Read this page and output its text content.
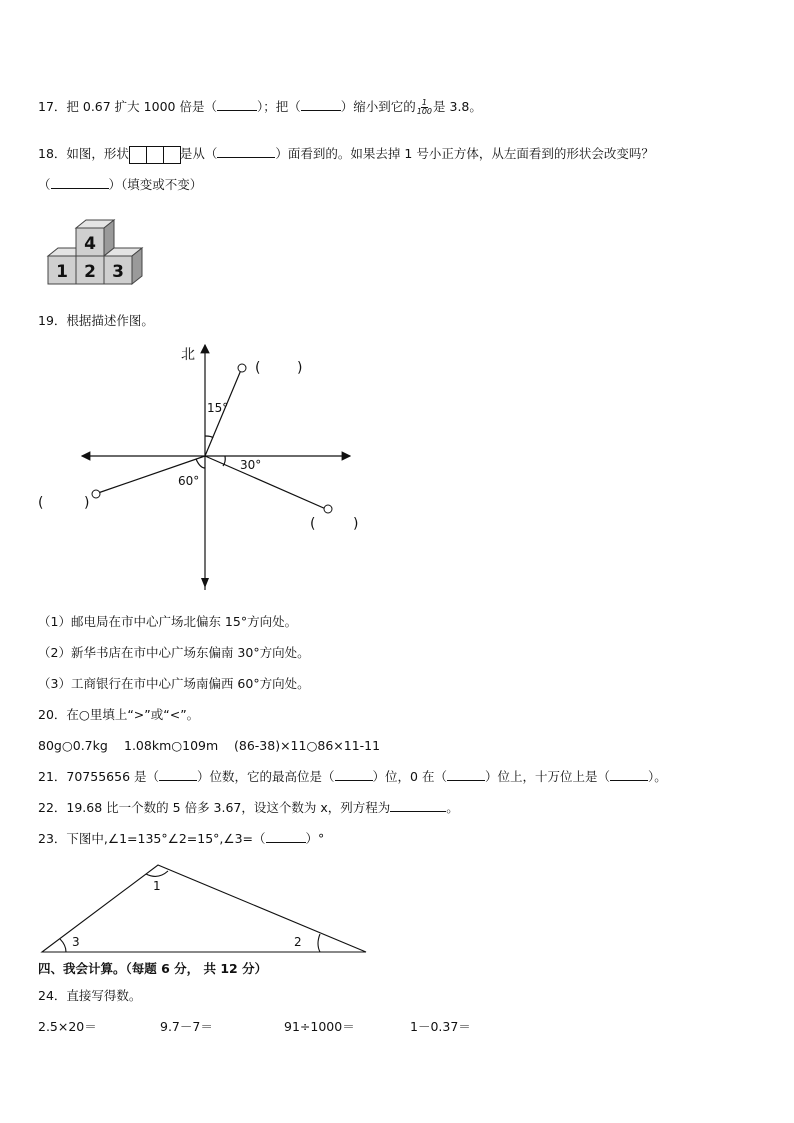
17．把 0.67 扩大 1000 倍是（	）；把（	）缩小到它的 $\frac{1}{100}$ 是 3.8。
18．如图，形状	是从（	）面看到的。如果去掉 1 号小正方体，从左面看到的形状会改变吗？
（	）（填变或不变）
4
1 2 3
19．根据描述作图。
北
15°
30°
60°
(	)
(	)
(	)
（1）邮电局在市中心广场北偏东 15°方向处。
（2）新华书店在市中心广场东偏南 30°方向处。
（3）工商银行在市中心广场南偏西 60°方向处。
20．在○里填上“>”或“<”。
80g○0.7kg 1.08km○109m (86-38)×11○86×11-11
21．70755656 是（	）位数，它的最高位是（	）位，0 在（	）位上，十万位上是（	）。
22．19.68 比一个数的 5 倍多 3.67，设这个数为 x，列方程为	。
23．下图中,∠1=135°∠2=15°,∠3=（	）°
1
2
3
四、我会计算。（每题 6 分， 共 12 分）
24．直接写得数。
2.5×20＝	9.7－7＝	91÷1000＝	1－0.37＝
